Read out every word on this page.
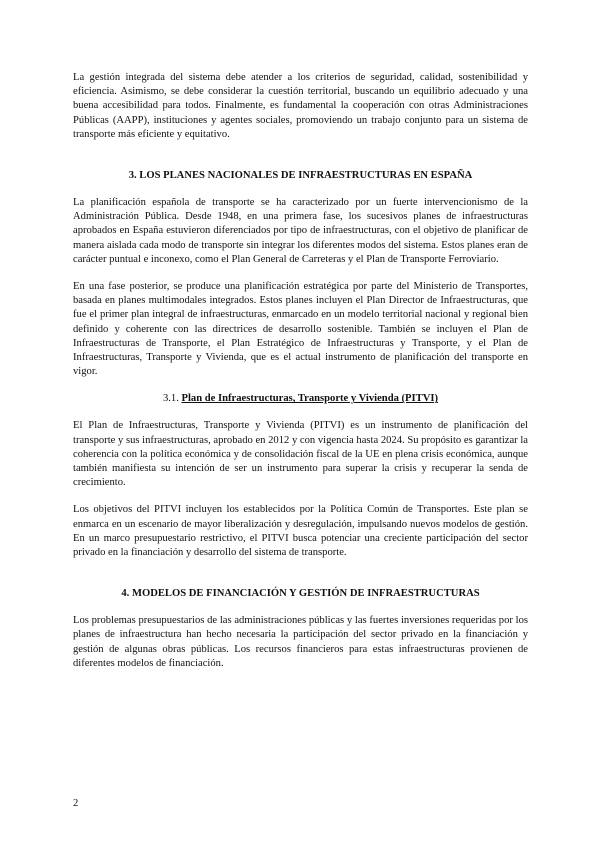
La gestión integrada del sistema debe atender a los criterios de seguridad, calidad, sostenibilidad y eficiencia. Asimismo, se debe considerar la cuestión territorial, buscando un equilibrio adecuado y una buena accesibilidad para todos. Finalmente, es fundamental la cooperación con otras Administraciones Públicas (AAPP), instituciones y agentes sociales, promoviendo un trabajo conjunto para un sistema de transporte más eficiente y equitativo.

3. LOS PLANES NACIONALES DE INFRAESTRUCTURAS EN ESPAÑA

La planificación española de transporte se ha caracterizado por un fuerte intervencionismo de la Administración Pública. Desde 1948, en una primera fase, los sucesivos planes de infraestructuras aprobados en España estuvieron diferenciados por tipo de infraestructuras, con el objetivo de planificar de manera aislada cada modo de transporte sin integrar los diferentes modos del sistema. Estos planes eran de carácter puntual e inconexo, como el Plan General de Carreteras y el Plan de Transporte Ferroviario.

En una fase posterior, se produce una planificación estratégica por parte del Ministerio de Transportes, basada en planes multimodales integrados. Estos planes incluyen el Plan Director de Infraestructuras, que fue el primer plan integral de infraestructuras, enmarcado en un modelo territorial nacional y regional bien definido y coherente con las directrices de desarrollo sostenible. También se incluyen el Plan de Infraestructuras de Transporte, el Plan Estratégico de Infraestructuras y Transporte, y el Plan de Infraestructuras, Transporte y Vivienda, que es el actual instrumento de planificación del transporte en vigor.

3.1. Plan de Infraestructuras, Transporte y Vivienda (PITVI)

El Plan de Infraestructuras, Transporte y Vivienda (PITVI) es un instrumento de planificación del transporte y sus infraestructuras, aprobado en 2012 y con vigencia hasta 2024. Su propósito es garantizar la coherencia con la política económica y de consolidación fiscal de la UE en plena crisis económica, aunque también manifiesta su intención de ser un instrumento para superar la crisis y recuperar la senda de crecimiento.

Los objetivos del PITVI incluyen los establecidos por la Política Común de Transportes. Este plan se enmarca en un escenario de mayor liberalización y desregulación, impulsando nuevos modelos de gestión. En un marco presupuestario restrictivo, el PITVI busca potenciar una creciente participación del sector privado en la financiación y desarrollo del sistema de transporte.

4. MODELOS DE FINANCIACIÓN Y GESTIÓN DE INFRAESTRUCTURAS

Los problemas presupuestarios de las administraciones públicas y las fuertes inversiones requeridas por los planes de infraestructura han hecho necesaria la participación del sector privado en la financiación y gestión de algunas obras públicas. Los recursos financieros para estas infraestructuras provienen de diferentes modelos de financiación.

2
